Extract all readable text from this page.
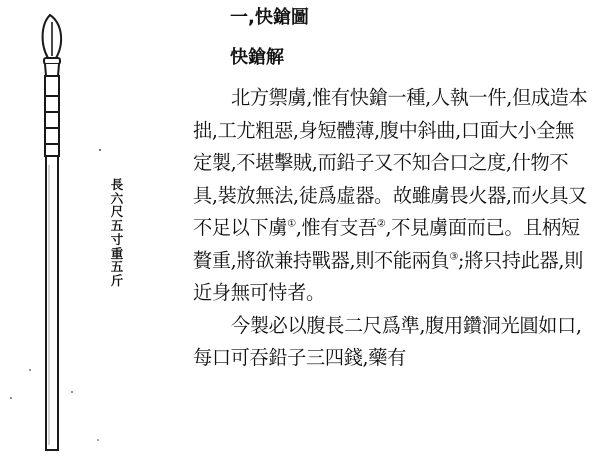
長六尺五寸重五斤
一,快鎗圖
快鎗解

北方禦虜,惟有快鎗一種,人執一件,但成造本拙,工尤粗惡,身短體薄,腹中斜曲,口面大小全無定製,不堪擊賊,而鉛子又不知合口之度,什物不具,裝放無法,徒爲虛器。故雖虜畏火器,而火具又不足以下虜①,惟有支吾②,不見虜面而已。且柄短贅重,將欲兼持戰器,則不能兩負③;將只持此器,則近身無可恃者。

今製必以腹長二尺爲準,腹用鑽洞光圓如口,每口可吞鉛子三四錢,藥有
